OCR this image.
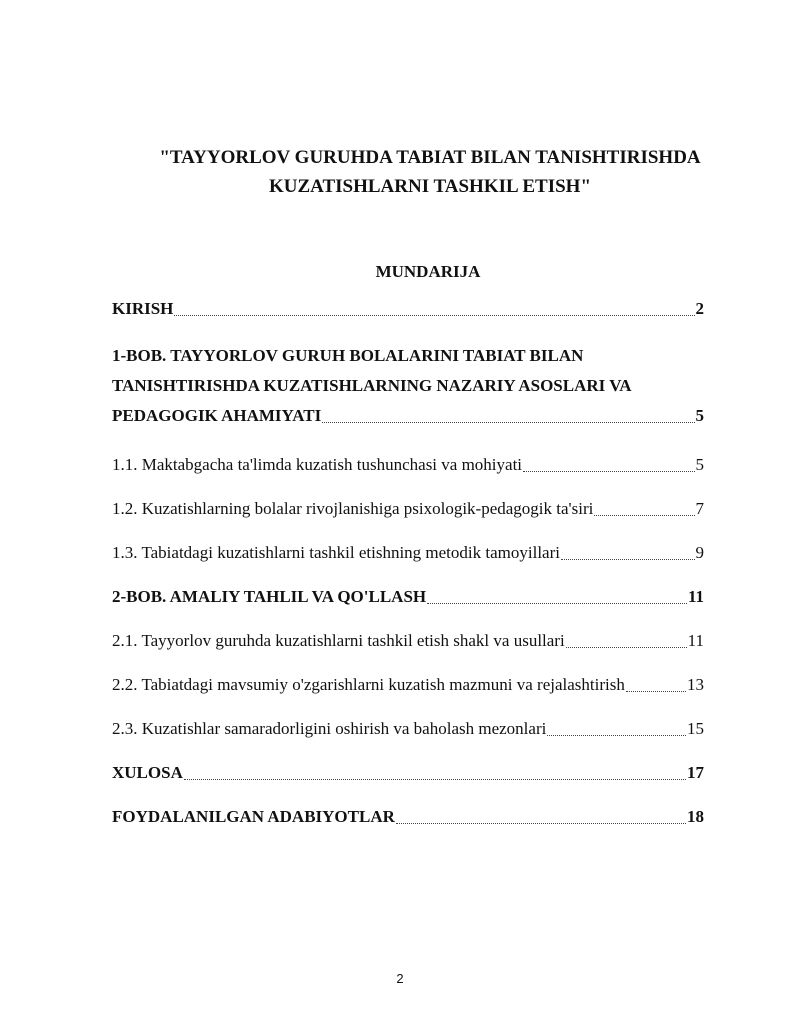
"TAYYORLOV GURUHDA TABIAT BILAN TANISHTIRISHDA
KUZATISHLARNI TASHKIL ETISH"
MUNDARIJA
KIRISH	2
1-BOB. TAYYORLOV GURUH BOLALARINI TABIAT BILAN
TANISHTIRISHDA KUZATISHLARNING NAZARIY ASOSLARI VA
PEDAGOGIK AHAMIYATI	5
1.1. Maktabgacha ta'limda kuzatish tushunchasi va mohiyati	5
1.2. Kuzatishlarning bolalar rivojlanishiga psixologik-pedagogik ta'siri	7
1.3. Tabiatdagi kuzatishlarni tashkil etishning metodik tamoyillari	9
2-BOB. AMALIY TAHLIL VA QO'LLASH	11
2.1. Tayyorlov guruhda kuzatishlarni tashkil etish shakl va usullari	11
2.2. Tabiatdagi mavsumiy o'zgarishlarni kuzatish mazmuni va rejalashtirish	13
2.3. Kuzatishlar samaradorligini oshirish va baholash mezonlari	15
XULOSA	17
FOYDALANILGAN ADABIYOTLAR	18
2
